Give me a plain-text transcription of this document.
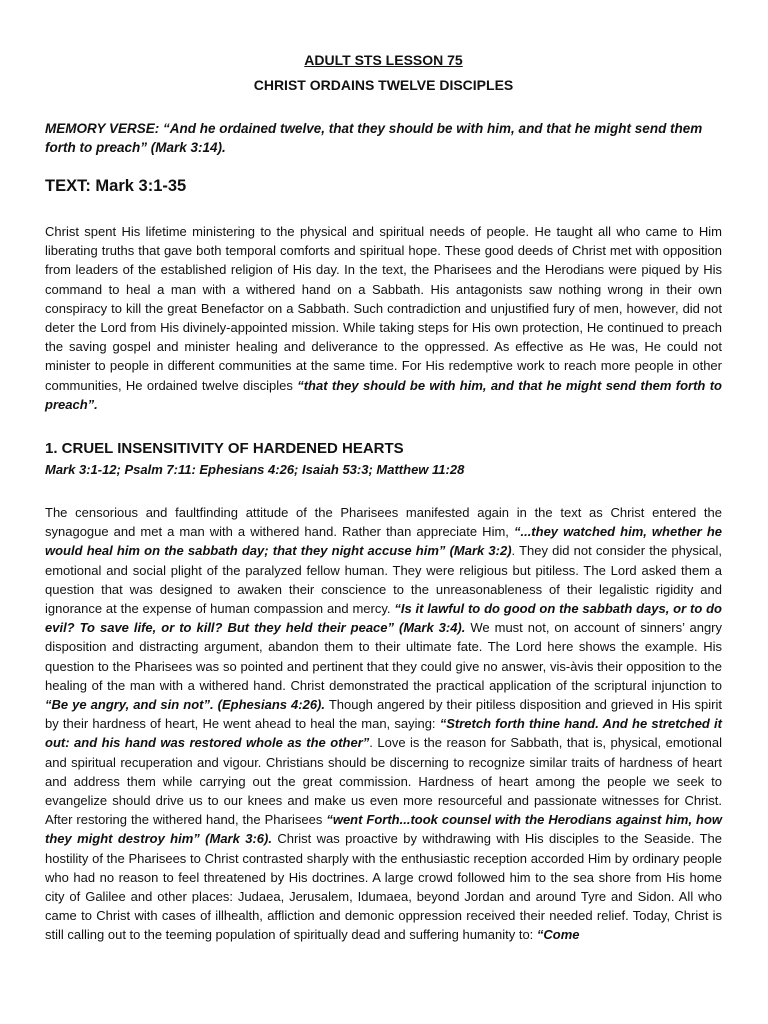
ADULT STS LESSON 75
CHRIST ORDAINS TWELVE DISCIPLES
MEMORY VERSE: “And he ordained twelve, that they should be with him, and that he might send them forth to preach” (Mark 3:14).
TEXT: Mark 3:1-35
Christ spent His lifetime ministering to the physical and spiritual needs of people. He taught all who came to Him liberating truths that gave both temporal comforts and spiritual hope. These good deeds of Christ met with opposition from leaders of the established religion of His day. In the text, the Pharisees and the Herodians were piqued by His command to heal a man with a withered hand on a Sabbath. His antagonists saw nothing wrong in their own conspiracy to kill the great Benefactor on a Sabbath. Such contradiction and unjustified fury of men, however, did not deter the Lord from His divinely-appointed mission. While taking steps for His own protection, He continued to preach the saving gospel and minister healing and deliverance to the oppressed. As effective as He was, He could not minister to people in different communities at the same time. For His redemptive work to reach more people in other communities, He ordained twelve disciples “that they should be with him, and that he might send them forth to preach”.
1. CRUEL INSENSITIVITY OF HARDENED HEARTS
Mark 3:1-12; Psalm 7:11: Ephesians 4:26; Isaiah 53:3; Matthew 11:28
The censorious and faultfinding attitude of the Pharisees manifested again in the text as Christ entered the synagogue and met a man with a withered hand. Rather than appreciate Him, “...they watched him, whether he would heal him on the sabbath day; that they night accuse him” (Mark 3:2). They did not consider the physical, emotional and social plight of the paralyzed fellow human. They were religious but pitiless. The Lord asked them a question that was designed to awaken their conscience to the unreasonableness of their legalistic rigidity and ignorance at the expense of human compassion and mercy. “Is it lawful to do good on the sabbath days, or to do evil? To save life, or to kill? But they held their peace” (Mark 3:4). We must not, on account of sinners’ angry disposition and distracting argument, abandon them to their ultimate fate. The Lord here shows the example. His question to the Pharisees was so pointed and pertinent that they could give no answer, vis-àvis their opposition to the healing of the man with a withered hand. Christ demonstrated the practical application of the scriptural injunction to “Be ye angry, and sin not”. (Ephesians 4:26). Though angered by their pitiless disposition and grieved in His spirit by their hardness of heart, He went ahead to heal the man, saying: “Stretch forth thine hand. And he stretched it out: and his hand was restored whole as the other”. Love is the reason for Sabbath, that is, physical, emotional and spiritual recuperation and vigour. Christians should be discerning to recognize similar traits of hardness of heart and address them while carrying out the great commission. Hardness of heart among the people we seek to evangelize should drive us to our knees and make us even more resourceful and passionate witnesses for Christ. After restoring the withered hand, the Pharisees “went Forth...took counsel with the Herodians against him, how they might destroy him” (Mark 3:6). Christ was proactive by withdrawing with His disciples to the Seaside. The hostility of the Pharisees to Christ contrasted sharply with the enthusiastic reception accorded Him by ordinary people who had no reason to feel threatened by His doctrines. A large crowd followed him to the sea shore from His home city of Galilee and other places: Judaea, Jerusalem, Idumaea, beyond Jordan and around Tyre and Sidon. All who came to Christ with cases of illhealth, affliction and demonic oppression received their needed relief. Today, Christ is still calling out to the teeming population of spiritually dead and suffering humanity to: “Come
